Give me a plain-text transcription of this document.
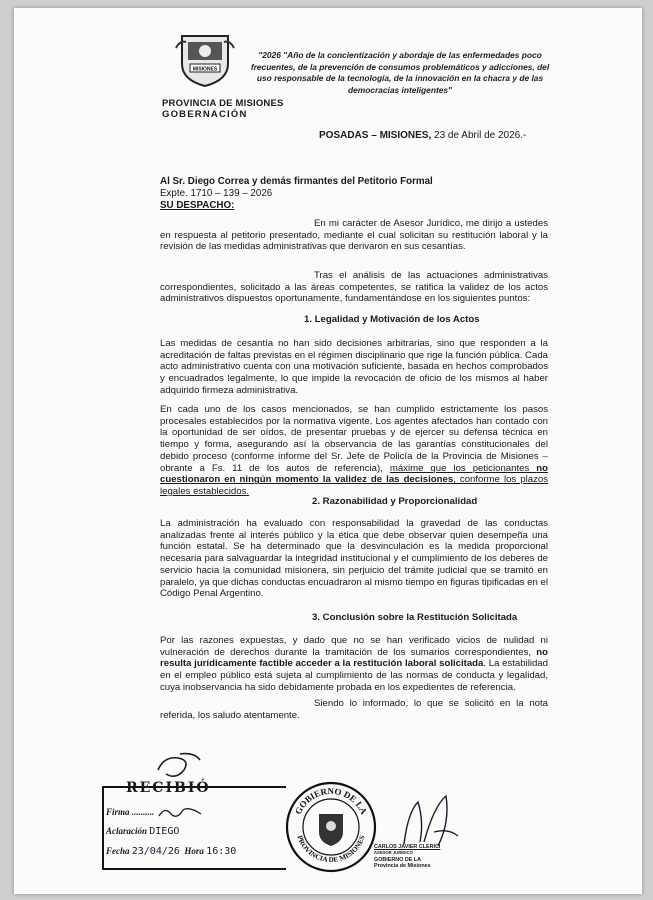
MISIONES
PROVINCIA DE MISIONES
GOBERNACIÓN
"2026 "Año de la concientización y abordaje de las enfermedades poco frecuentes, de la prevención de consumos problemáticos y adicciones, del uso responsable de la tecnología, de la innovación en la chacra y de las democracias inteligentes"
POSADAS – MISIONES, 23 de Abril de 2026.-
Al Sr. Diego Correa y demás firmantes del Petitorio Formal
Expte. 1710 – 139 – 2026
SU DESPACHO:
En mi carácter de Asesor Jurídico, me dirijo a ustedes en respuesta al petitorio presentado, mediante el cual solicitan su restitución laboral y la revisión de las medidas administrativas que derivaron en sus cesantías.
Tras el análisis de las actuaciones administrativas correspondientes, solicitado a las áreas competentes, se ratifica la validez de los actos administrativos dispuestos oportunamente, fundamentándose en los siguientes puntos:
1. Legalidad y Motivación de los Actos
Las medidas de cesantía no han sido decisiones arbitrarias, sino que responden a la acreditación de faltas previstas en el régimen disciplinario que rige la función pública. Cada acto administrativo cuenta con una motivación suficiente, basada en hechos comprobados y encuadrados legalmente, lo que impide la revocación de oficio de los mismos al haber adquirido firmeza administrativa.
En cada uno de los casos mencionados, se han cumplido estrictamente los pasos procesales establecidos por la normativa vigente. Los agentes afectados han contado con la oportunidad de ser oídos, de presentar pruebas y de ejercer su defensa técnica en tiempo y forma, asegurando así la observancia de las garantías constitucionales del debido proceso (conforme informe del Sr. Jefe de Policía de la Provincia de Misiones – obrante a Fs. 11 de los autos de referencia), máxime que los peticionantes no cuestionaron en ningún momento la validez de las decisiones, conforme los plazos legales establecidos.
2. Razonabilidad y Proporcionalidad
La administración ha evaluado con responsabilidad la gravedad de las conductas analizadas frente al interés público y la ética que debe observar quien desempeña una función estatal. Se ha determinado que la desvinculación es la medida proporcional necesaria para salvaguardar la integridad institucional y el cumplimiento de los deberes de servicio hacia la comunidad misionera, sin perjuicio del trámite judicial que se tramitó en paralelo, ya que dichas conductas encuadraron al mismo tiempo en figuras tipificadas en el Código Penal Argentino.
3. Conclusión sobre la Restitución Solicitada
Por las razones expuestas, y dado que no se han verificado vicios de nulidad ni vulneración de derechos durante la tramitación de los sumarios correspondientes, no resulta jurídicamente factible acceder a la restitución laboral solicitada. La estabilidad en el empleo público está sujeta al cumplimiento de las normas de conducta y legalidad, cuya inobservancia ha sido debidamente probada en los expedientes de referencia.
Siendo lo informado, lo que se solicitó en la nota referida, los saludo atentamente.
RECIBIÓ
Firma ..........
Aclaración DIEGO
Fecha 23/04/26 Hora 16:30
GOBIERNO DE LA
PROVINCIA DE MISIONES
CARLOS JAVIER CLERICI
ASESOR JURÍDICO
GOBIERNO DE LA
Provincia de Misiones
